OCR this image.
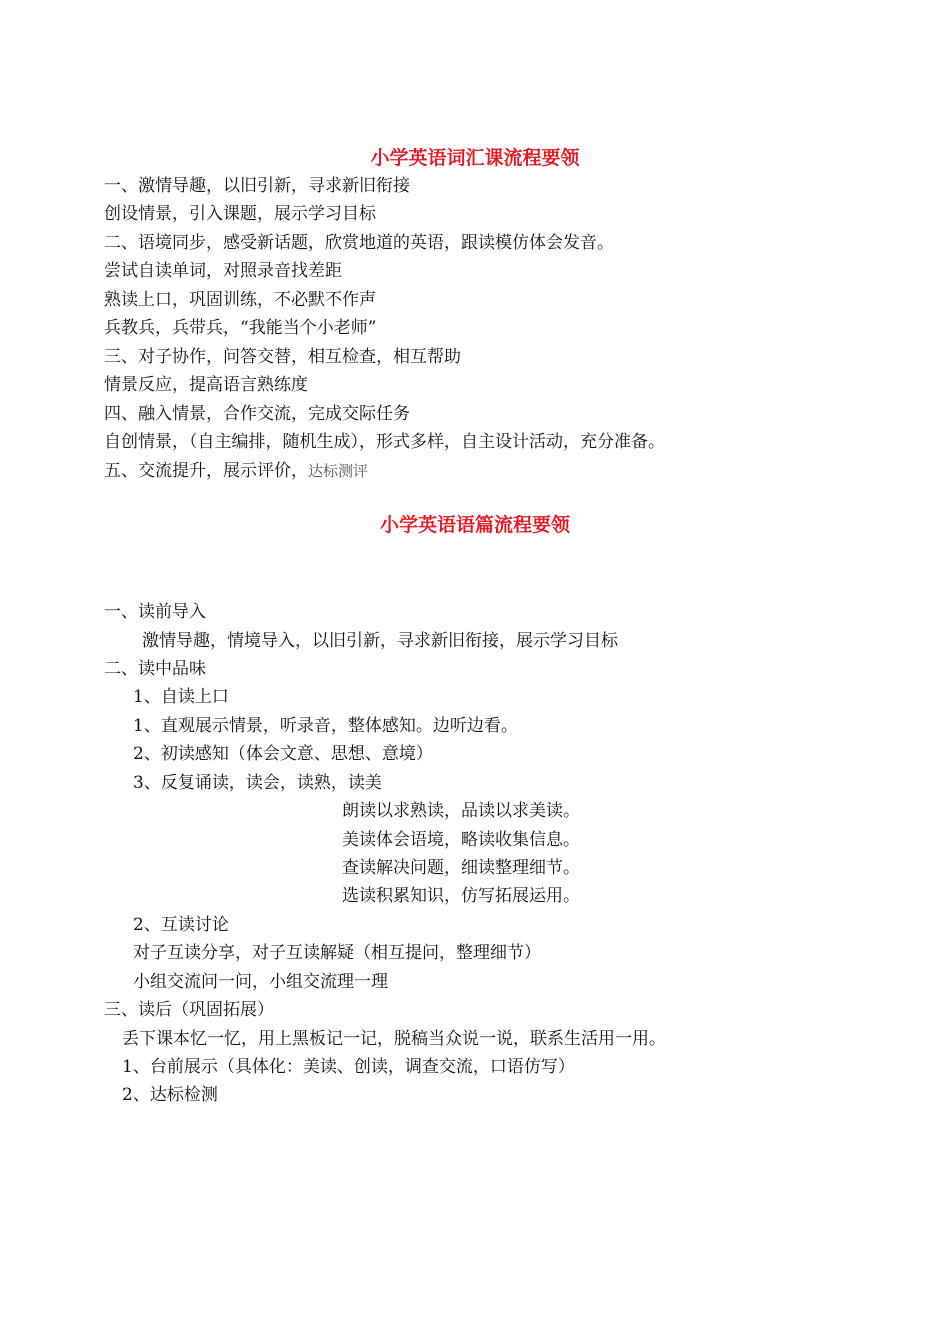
小学英语词汇课流程要领
一、激情导趣，以旧引新，寻求新旧衔接
创设情景，引入课题，展示学习目标
二、语境同步，感受新话题，欣赏地道的英语，跟读模仿体会发音。
尝试自读单词，对照录音找差距
熟读上口，巩固训练，不必默不作声
兵教兵，兵带兵，“我能当个小老师”
三、对子协作，问答交替，相互检查，相互帮助
情景反应，提高语言熟练度
四、融入情景，合作交流，完成交际任务
自创情景，（自主编排，随机生成），形式多样，自主设计活动，充分准备。
五、交流提升，展示评价，达标测评
小学英语语篇流程要领
一、读前导入
激情导趣，情境导入，以旧引新，寻求新旧衔接，展示学习目标
二、读中品味
1、自读上口
1、直观展示情景，听录音，整体感知。边听边看。
2、初读感知（体会文意、思想、意境）
3、反复诵读，读会，读熟，读美
朗读以求熟读，品读以求美读。
美读体会语境，略读收集信息。
查读解决问题，细读整理细节。
选读积累知识，仿写拓展运用。
2、互读讨论
对子互读分享，对子互读解疑（相互提问，整理细节）
小组交流问一问，小组交流理一理
三、读后（巩固拓展）
丢下课本忆一忆，用上黑板记一记，脱稿当众说一说，联系生活用一用。
1、台前展示（具体化：美读、创读，调查交流，口语仿写）
2、达标检测
